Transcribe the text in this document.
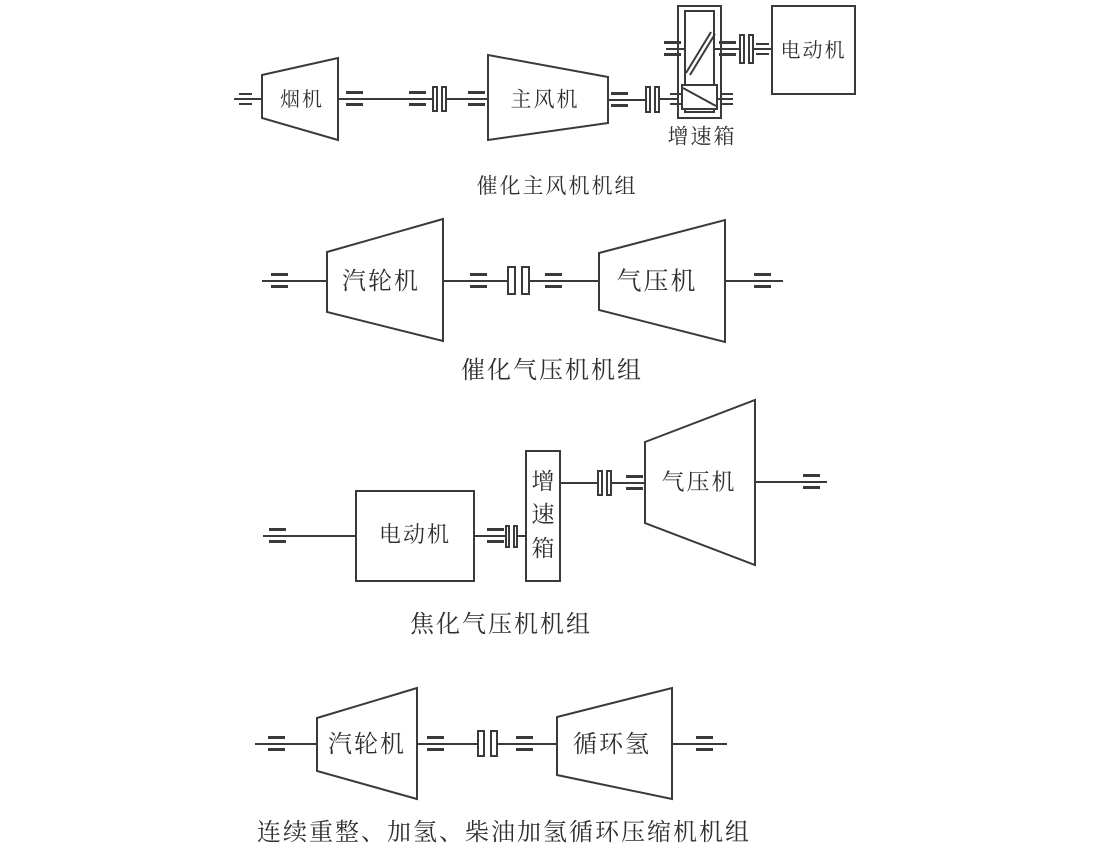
烟机	主风机
电动机
增速箱
催化主风机机组
汽轮机	气压机
催化气压机机组
电动机
增速箱
气压机
焦化气压机机组
汽轮机	循环氢
连续重整、加氢、柴油加氢循环压缩机机组
